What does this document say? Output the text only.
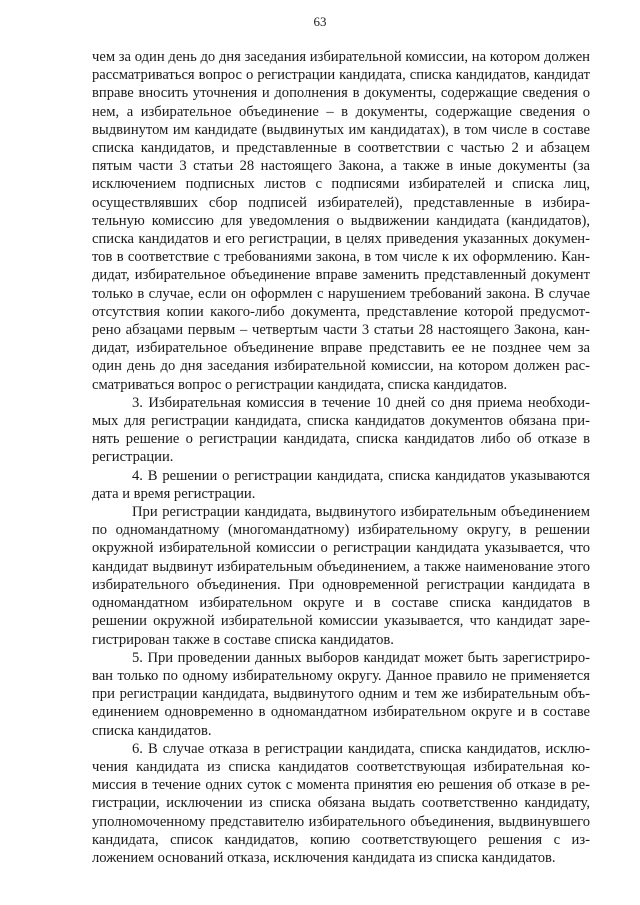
63

чем за один день до дня заседания избирательной комиссии, на котором должен рассматриваться вопрос о регистрации кандидата, списка кандидатов, кандидат вправе вносить уточнения и дополнения в документы, содержащие сведения о нем, а избирательное объединение – в документы, содержащие сведения о выдвинутом им кандидате (выдвинутых им кандидатах), в том числе в составе списка кандидатов, и представленные в соответствии с частью 2 и абзацем пятым части 3 статьи 28 настоящего Закона, а также в иные документы (за исключением подписных листов с подписями избирателей и списка лиц, осуществлявших сбор подписей избирателей), представленные в избирательную комиссию для уведомления о выдвижении кандидата (кандидатов), списка кандидатов и его регистрации, в целях приведения указанных документов в соответствие с требованиями закона, в том числе к их оформлению. Кандидат, избирательное объединение вправе заменить представленный документ только в случае, если он оформлен с нарушением требований закона. В случае отсутствия копии какого-либо документа, представление которой предусмотрено абзацами первым – четвертым части 3 статьи 28 настоящего Закона, кандидат, избирательное объединение вправе представить ее не позднее чем за один день до дня заседания избирательной комиссии, на котором должен рассматриваться вопрос о регистрации кандидата, списка кандидатов.

3. Избирательная комиссия в течение 10 дней со дня приема необходимых для регистрации кандидата, списка кандидатов документов обязана принять решение о регистрации кандидата, списка кандидатов либо об отказе в регистрации.

4. В решении о регистрации кандидата, списка кандидатов указываются дата и время регистрации.

При регистрации кандидата, выдвинутого избирательным объединением по одномандатному (многомандатному) избирательному округу, в решении окружной избирательной комиссии о регистрации кандидата указывается, что кандидат выдвинут избирательным объединением, а также наименование этого избирательного объединения. При одновременной регистрации кандидата в одномандатном избирательном округе и в составе списка кандидатов в решении окружной избирательной комиссии указывается, что кандидат зарегистрирован также в составе списка кандидатов.

5. При проведении данных выборов кандидат может быть зарегистрирован только по одному избирательному округу. Данное правило не применяется при регистрации кандидата, выдвинутого одним и тем же избирательным объединением одновременно в одномандатном избирательном округе и в составе списка кандидатов.

6. В случае отказа в регистрации кандидата, списка кандидатов, исключения кандидата из списка кандидатов соответствующая избирательная комиссия в течение одних суток с момента принятия ею решения об отказе в регистрации, исключении из списка обязана выдать соответственно кандидату, уполномоченному представителю избирательного объединения, выдвинувшего кандидата, список кандидатов, копию соответствующего решения с изложением оснований отказа, исключения кандидата из списка кандидатов.
